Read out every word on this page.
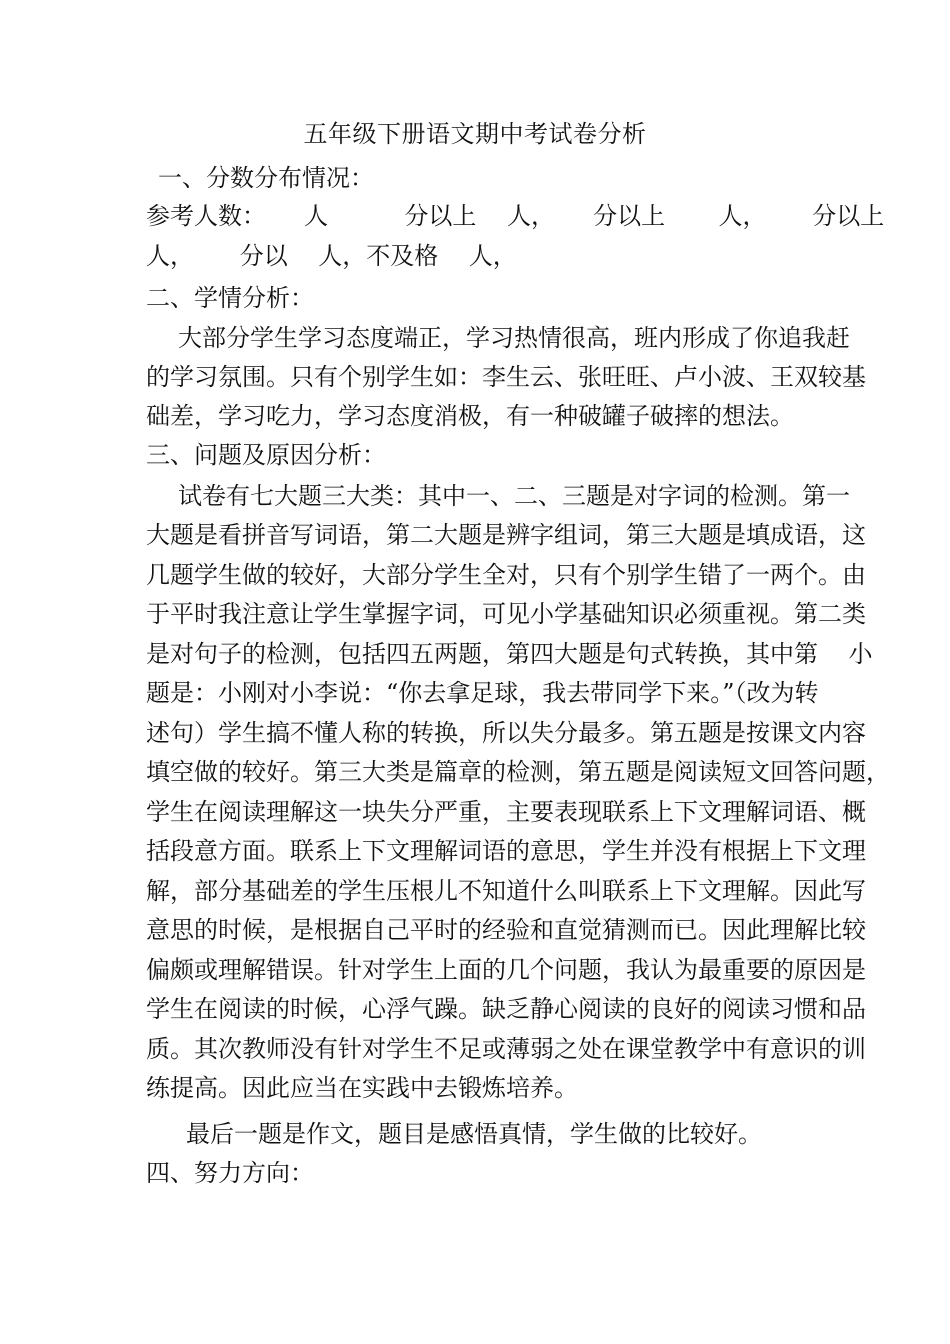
五年级下册语文期中考试卷分析
一、分数分布情况：
参考人数：     人          分以上    人，     分以上       人，      分以上
人，      分以    人，不及格    人，
二、学情分析：
大部分学生学习态度端正，学习热情很高，班内形成了你追我赶
的学习氛围。只有个别学生如：李生云、张旺旺、卢小波、王双较基
础差，学习吃力，学习态度消极，有一种破罐子破摔的想法。
三、问题及原因分析：
试卷有七大题三大类：其中一、二、三题是对字词的检测。第一
大题是看拼音写词语，第二大题是辨字组词，第三大题是填成语，这
几题学生做的较好，大部分学生全对，只有个别学生错了一两个。由
于平时我注意让学生掌握字词，可见小学基础知识必须重视。第二类
是对句子的检测，包括四五两题，第四大题是句式转换，其中第    小
题是：小刚对小李说：“你去拿足球，我去带同学下来。”（改为转
述句）学生搞不懂人称的转换，所以失分最多。第五题是按课文内容
填空做的较好。第三大类是篇章的检测，第五题是阅读短文回答问题，
学生在阅读理解这一块失分严重，主要表现联系上下文理解词语、概
括段意方面。联系上下文理解词语的意思，学生并没有根据上下文理
解，部分基础差的学生压根儿不知道什么叫联系上下文理解。因此写
意思的时候，是根据自己平时的经验和直觉猜测而已。因此理解比较
偏颇或理解错误。针对学生上面的几个问题，我认为最重要的原因是
学生在阅读的时候，心浮气躁。缺乏静心阅读的良好的阅读习惯和品
质。其次教师没有针对学生不足或薄弱之处在课堂教学中有意识的训
练提高。因此应当在实践中去锻炼培养。
最后一题是作文，题目是感悟真情，学生做的比较好。
四、努力方向：
